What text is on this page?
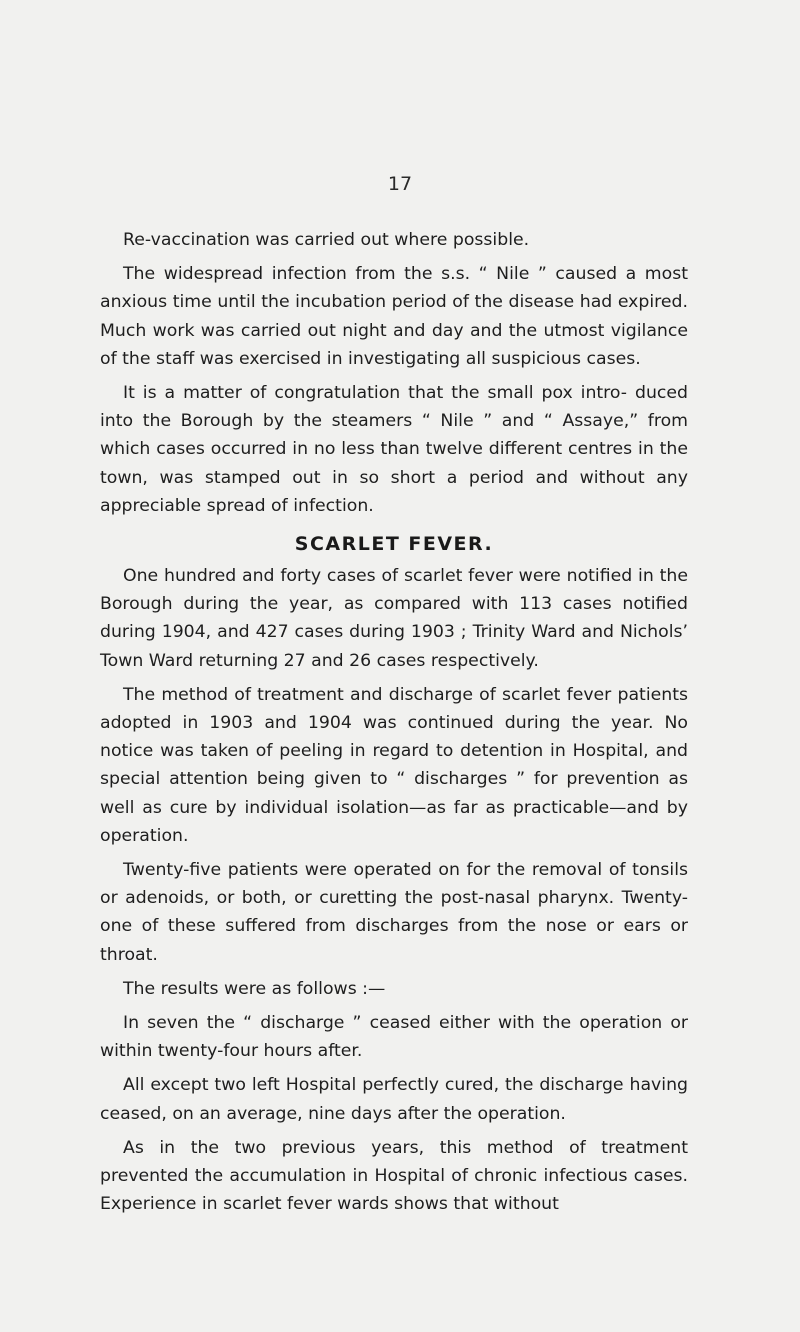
17

Re-vaccination was carried out where possible.

The widespread infection from the s.s. “ Nile ” caused a most anxious time until the incubation period of the disease had expired. Much work was carried out night and day and the utmost vigilance of the staff was exercised in investigating all suspicious cases.

It is a matter of congratulation that the small pox intro- duced into the Borough by the steamers “ Nile ” and “ Assaye,” from which cases occurred in no less than twelve different centres in the town, was stamped out in so short a period and without any appreciable spread of infection.

SCARLET FEVER.

One hundred and forty cases of scarlet fever were notified in the Borough during the year, as compared with 113 cases notified during 1904, and 427 cases during 1903 ; Trinity Ward and Nichols’ Town Ward returning 27 and 26 cases respectively.

The method of treatment and discharge of scarlet fever patients adopted in 1903 and 1904 was continued during the year. No notice was taken of peeling in regard to detention in Hospital, and special attention being given to “ discharges ” for prevention as well as cure by individual isolation—as far as practicable—and by operation.

Twenty-five patients were operated on for the removal of tonsils or adenoids, or both, or curetting the post-nasal pharynx. Twenty-one of these suffered from discharges from the nose or ears or throat.

The results were as follows :—

In seven the “ discharge ” ceased either with the operation or within twenty-four hours after.

All except two left Hospital perfectly cured, the discharge having ceased, on an average, nine days after the operation.

As in the two previous years, this method of treatment prevented the accumulation in Hospital of chronic infectious cases. Experience in scarlet fever wards shows that without
